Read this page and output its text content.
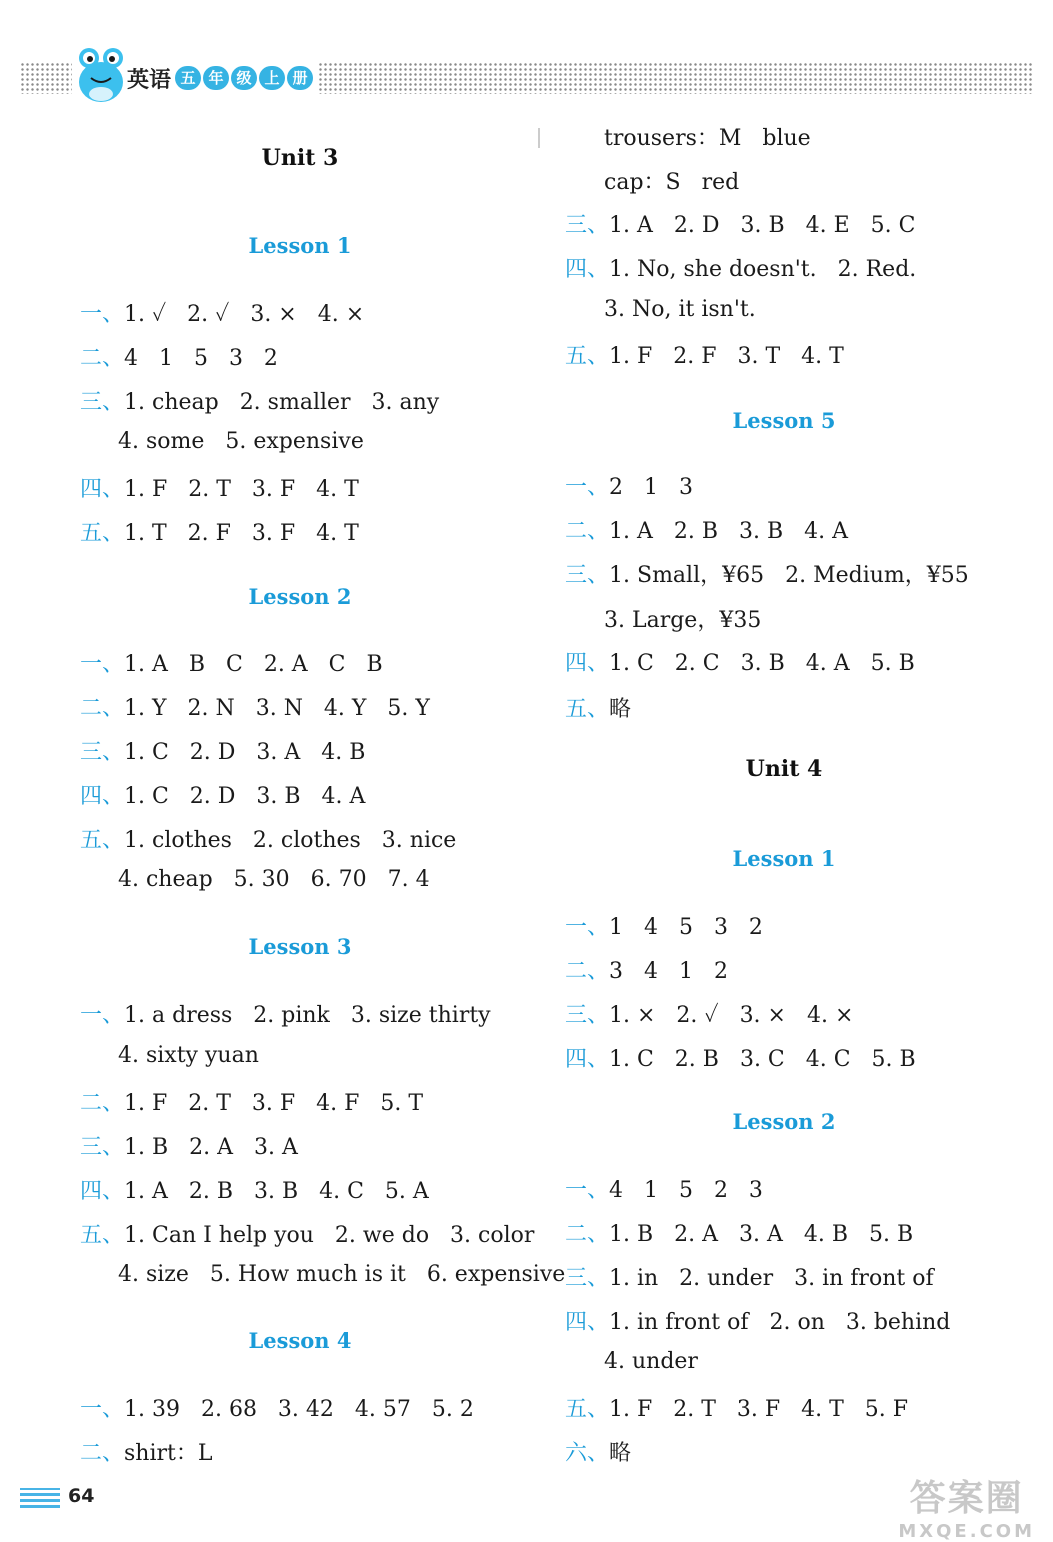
英语 五 年 级 上 册
64	答案圈
MXQE.COM
Unit 3
Lesson 1
一、1. ✓   2. ✓   3. ×   4. ×
二、4   1   5   3   2
三、1. cheap   2. smaller   3. any
4. some   5. expensive
四、1. F   2. T   3. F   4. T
五、1. T   2. F   3. F   4. T
Lesson 2
一、1. A   B   C   2. A   C   B
二、1. Y   2. N   3. N   4. Y   5. Y
三、1. C   2. D   3. A   4. B
四、1. C   2. D   3. B   4. A
五、1. clothes   2. clothes   3. nice
4. cheap   5. 30   6. 70   7. 4
Lesson 3
一、1. a dress   2. pink   3. size thirty
4. sixty yuan
二、1. F   2. T   3. F   4. F   5. T
三、1. B   2. A   3. A
四、1. A   2. B   3. B   4. C   5. A
五、1. Can I help you   2. we do   3. color
4. size   5. How much is it   6. expensive
Lesson 4
一、1. 39   2. 68   3. 42   4. 57   5. 2
二、shirt：L
trousers：M   blue
cap：S   red
三、1. A   2. D   3. B   4. E   5. C
四、1. No, she doesn't.   2. Red.
3. No, it isn't.
五、1. F   2. F   3. T   4. T
Lesson 5
一、2   1   3
二、1. A   2. B   3. B   4. A
三、1. Small，¥65   2. Medium，¥55
3. Large，¥35
四、1. C   2. C   3. B   4. A   5. B
五、略
Unit 4
Lesson 1
一、1   4   5   3   2
二、3   4   1   2
三、1. ×   2. ✓   3. ×   4. ×
四、1. C   2. B   3. C   4. C   5. B
Lesson 2
一、4   1   5   2   3
二、1. B   2. A   3. A   4. B   5. B
三、1. in   2. under   3. in front of
四、1. in front of   2. on   3. behind
4. under
五、1. F   2. T   3. F   4. T   5. F
六、略
